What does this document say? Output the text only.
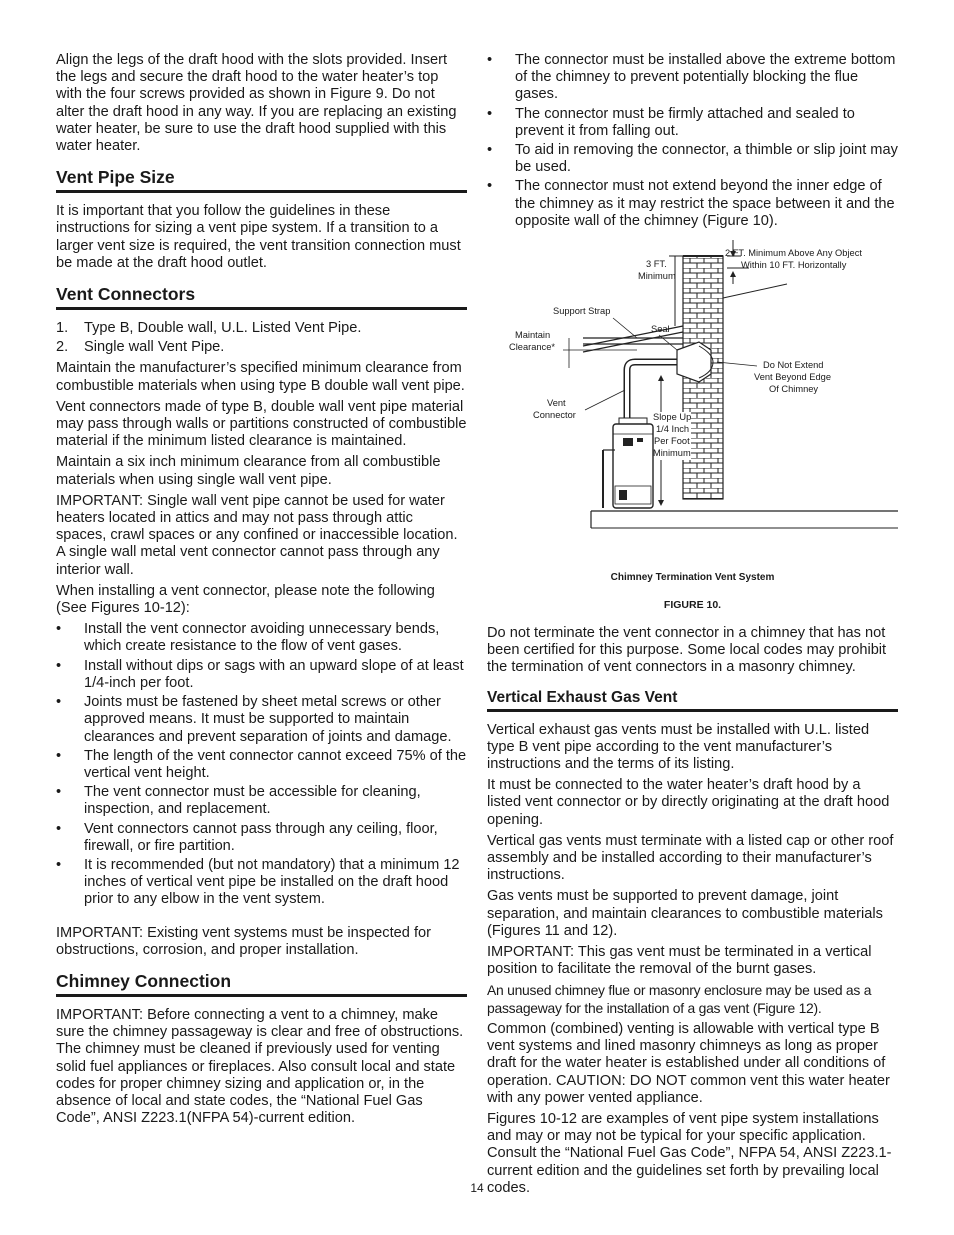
Align the legs of the draft hood with the slots provided. Insert the legs and secure the draft hood to the water heater’s top with the four screws provided as shown in Figure 9. Do not alter the draft hood in any way. If you are replacing an existing water heater, be sure to use the draft hood supplied with this water heater.

Vent Pipe Size

It is important that you follow the guidelines in these instructions for sizing a vent pipe system. If a transition to a larger vent size is required, the vent transition connection must be made at the draft hood outlet.

Vent Connectors
1. Type B, Double wall, U.L. Listed Vent Pipe.
2. Single wall Vent Pipe.

Maintain the manufacturer’s specified minimum clearance from combustible materials when using type B double wall vent pipe.

Vent connectors made of type B, double wall vent pipe material may pass through walls or partitions constructed of combustible material if the minimum listed clearance is maintained.

Maintain a six inch minimum clearance from all combustible materials when using single wall vent pipe.

IMPORTANT: Single wall vent pipe cannot be used for water heaters located in attics and may not pass through attic spaces, crawl spaces or any confined or inaccessible location. A single wall metal vent connector cannot pass through any interior wall.

When installing a vent connector, please note the following (See Figures 10-12):

• Install the vent connector avoiding unnecessary bends, which create resistance to the flow of vent gases.
• Install without dips or sags with an upward slope of at least 1/4-inch per foot.
• Joints must be fastened by sheet metal screws or other approved means. It must be supported to maintain clearances and prevent separation of joints and damage.
• The length of the vent connector cannot exceed 75% of the vertical vent height.
• The vent connector must be accessible for cleaning, inspection, and replacement.
• Vent connectors cannot pass through any ceiling, floor, firewall, or fire partition.
• It is recommended (but not mandatory) that a minimum 12 inches of vertical vent pipe be installed on the draft hood prior to any elbow in the vent system.

IMPORTANT: Existing vent systems must be inspected for obstructions, corrosion, and proper installation.

Chimney Connection

IMPORTANT: Before connecting a vent to a chimney, make sure the chimney passageway is clear and free of obstructions. The chimney must be cleaned if previously used for venting solid fuel appliances or fireplaces. Also consult local and state codes for proper chimney sizing and application or, in the absence of local and state codes, the “National Fuel Gas Code”, ANSI Z223.1(NFPA 54)-current edition.

• The connector must be installed above the extreme bottom of the chimney to prevent potentially blocking the flue gases.
• The connector must be firmly attached and sealed to prevent it from falling out.
• To aid in removing the connector, a thimble or slip joint may be used.
• The connector must not extend beyond the inner edge of the chimney as it may restrict the space between it and the opposite wall of the chimney (Figure 10).
2 FT. Minimum Above Any Object
Within 10 FT. Horizontally
3 FT.
Minimum
Support Strap
Seal
Maintain
Clearance*
Do Not Extend
Vent Beyond Edge
Of Chimney
Vent
Connector	Slope Up
1/4 Inch
Per Foot
Minimum
Chimney Termination Vent System
FIGURE 10.

Do not terminate the vent connector in a chimney that has not been certified for this purpose. Some local codes may prohibit the termination of vent connectors in a masonry chimney.

Vertical Exhaust Gas Vent

Vertical exhaust gas vents must be installed with U.L. listed type B vent pipe according to the vent manufacturer’s instructions and the terms of its listing.

It must be connected to the water heater’s draft hood by a listed vent connector or by directly originating at the draft hood opening.

Vertical gas vents must terminate with a listed cap or other roof assembly and be installed according to their manufacturer’s instructions.

Gas vents must be supported to prevent damage, joint separation, and maintain clearances to combustible materials (Figures 11 and 12).

IMPORTANT: This gas vent must be terminated in a vertical position to facilitate the removal of the burnt gases.

An unused chimney flue or masonry enclosure may be used as a passageway for the installation of a gas vent (Figure 12).

Common (combined) venting is allowable with vertical type B vent systems and lined masonry chimneys as long as proper draft for the water heater is established under all conditions of operation. CAUTION: DO NOT common vent this water heater with any power vented appliance.

Figures 10-12 are examples of vent pipe system installations and may or may not be typical for your specific application. Consult the “National Fuel Gas Code”, NFPA 54, ANSI Z223.1-current edition and the guidelines set forth by prevailing local codes.

14
